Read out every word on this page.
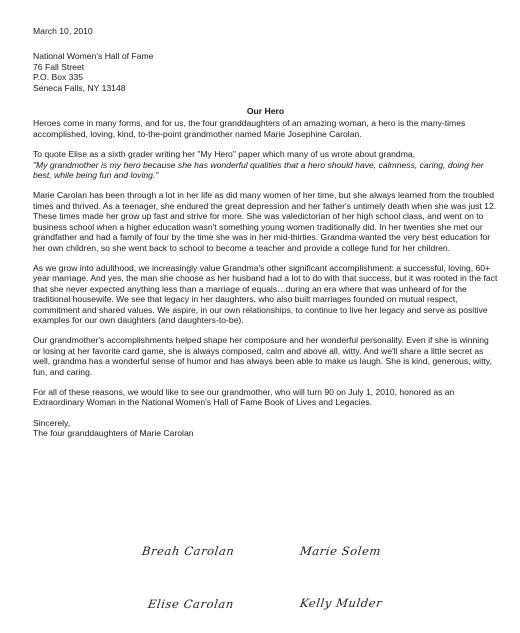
March 10, 2010
National Women's Hall of Fame
76 Fall Street
P.O. Box 335
Seneca Falls, NY 13148
Our Hero

Heroes come in many forms, and for us, the four granddaughters of an amazing woman, a hero is the many-times accomplished, loving, kind, to-the-point grandmother named Marie Josephine Carolan.

To quote Elise as a sixth grader writing her "My Hero" paper which many of us wrote about grandma,
"My grandmother is my hero because she has wonderful qualities that a hero should have, calmness, caring, doing her best, while being fun and loving."

Marie Carolan has been through a lot in her life as did many women of her time, but she always learned from the troubled times and thrived. As a teenager, she endured the great depression and her father's untimely death when she was just 12. These times made her grow up fast and strive for more. She was valedictorian of her high school class, and went on to business school when a higher education wasn't something young women traditionally did. In her twenties she met our grandfather and had a family of four by the time she was in her mid-thirties. Grandma wanted the very best education for her own children, so she went back to school to become a teacher and provide a college fund for her children.

As we grow into adulthood, we increasingly value Grandma's other significant accomplishment: a successful, loving, 60+ year marriage. And yes, the man she choose as her husband had a lot to do with that success, but it was rooted in the fact that she never expected anything less than a marriage of equals…during an era where that was unheard of for the traditional housewife. We see that legacy in her daughters, who also built marriages founded on mutual respect, commitment and shared values. We aspire, in our own relationships, to continue to live her legacy and serve as positive examples for our own daughters (and daughters-to-be).

Our grandmother's accomplishments helped shape her composure and her wonderful personality. Even if she is winning or losing at her favorite card game, she is always composed, calm and above all, witty. And we'll share a little secret as well, grandma has a wonderful sense of humor and has always been able to make us laugh. She is kind, generous, witty, fun, and caring.

For all of these reasons, we would like to see our grandmother, who will turn 90 on July 1, 2010, honored as an Extraordinary Woman in the National Women's Hall of Fame Book of Lives and Legacies.

Sincerely,
The four granddaughters of Marie Carolan
Breah Carolan	Marie Solem
Elise Carolan	Kelly Mulder
